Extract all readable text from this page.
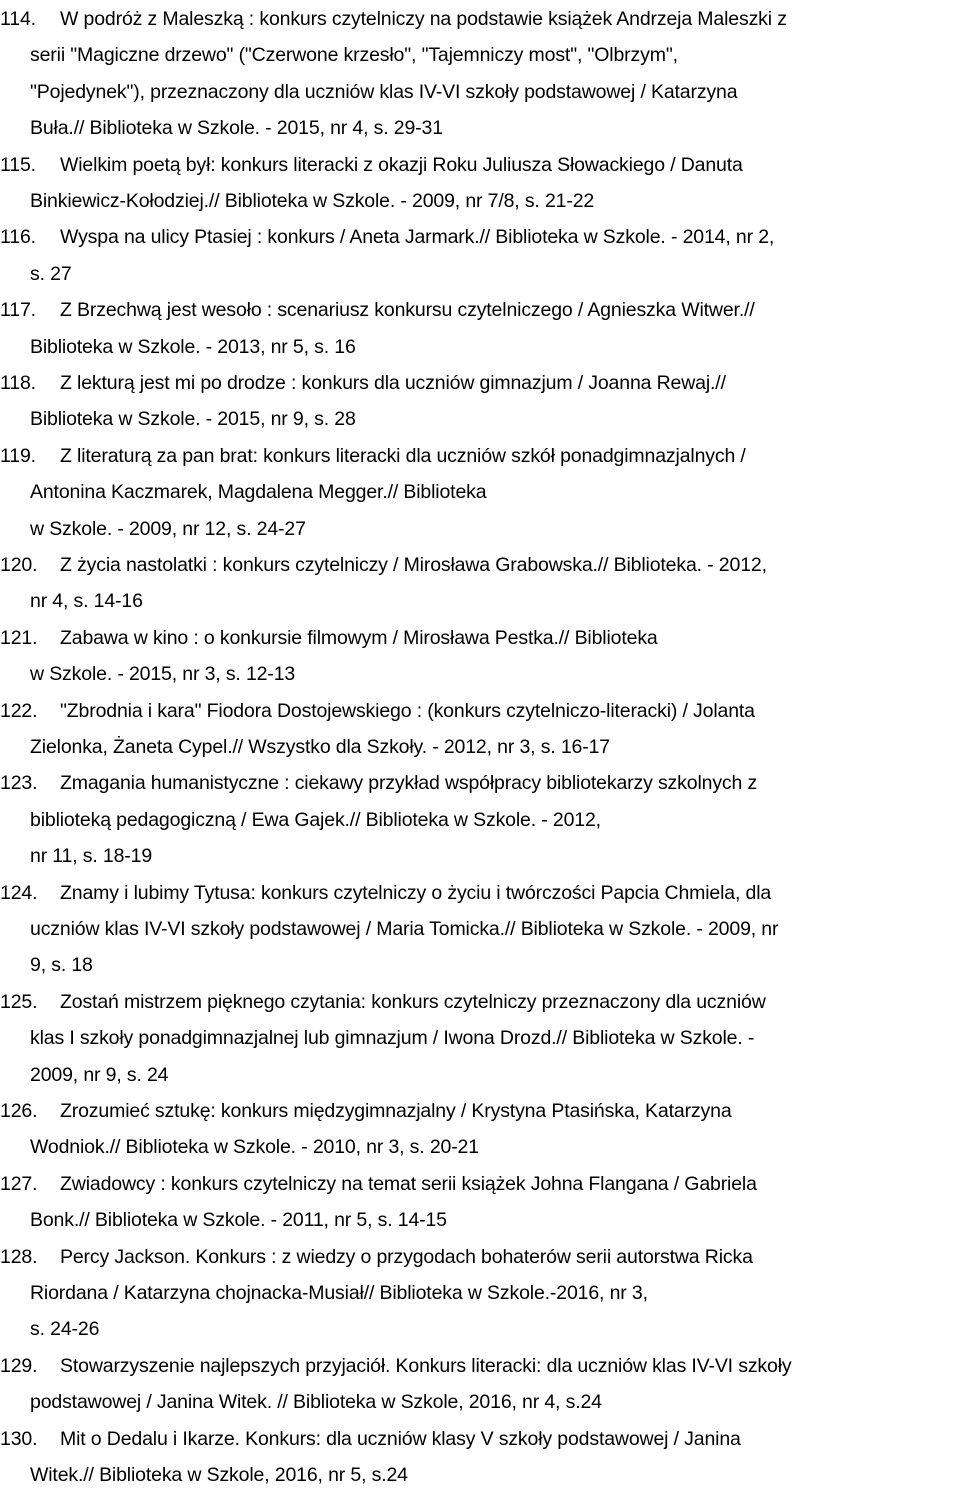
114. W podróż z Maleszką : konkurs czytelniczy na podstawie książek Andrzeja Maleszki z
serii "Magiczne drzewo" ("Czerwone krzesło", "Tajemniczy most", "Olbrzym",
"Pojedynek"), przeznaczony dla uczniów klas IV-VI szkoły podstawowej / Katarzyna
Buła.// Biblioteka w Szkole. - 2015, nr 4, s. 29-31
115. Wielkim poetą był: konkurs literacki z okazji Roku Juliusza Słowackiego / Danuta
Binkiewicz-Kołodziej.// Biblioteka w Szkole. - 2009, nr 7/8, s. 21-22
116. Wyspa na ulicy Ptasiej : konkurs / Aneta Jarmark.// Biblioteka w Szkole. - 2014, nr 2,
s. 27
117. Z Brzechwą jest wesoło : scenariusz konkursu czytelniczego / Agnieszka Witwer.//
Biblioteka w Szkole. - 2013, nr 5, s. 16
118. Z lekturą jest mi po drodze : konkurs dla uczniów gimnazjum / Joanna Rewaj.//
Biblioteka w Szkole. - 2015, nr 9, s. 28
119. Z literaturą za pan brat: konkurs literacki dla uczniów szkół ponadgimnazjalnych /
Antonina Kaczmarek, Magdalena Megger.// Biblioteka
w Szkole. - 2009, nr 12, s. 24-27
120. Z życia nastolatki : konkurs czytelniczy / Mirosława Grabowska.// Biblioteka. - 2012,
nr 4, s. 14-16
121. Zabawa w kino : o konkursie filmowym / Mirosława Pestka.// Biblioteka
w Szkole. - 2015, nr 3, s. 12-13
122. "Zbrodnia i kara" Fiodora Dostojewskiego : (konkurs czytelniczo-literacki) / Jolanta
Zielonka, Żaneta Cypel.// Wszystko dla Szkoły. - 2012, nr 3, s. 16-17
123. Zmagania humanistyczne : ciekawy przykład współpracy bibliotekarzy szkolnych z
biblioteką pedagogiczną / Ewa Gajek.// Biblioteka w Szkole. - 2012,
nr 11, s. 18-19
124. Znamy i lubimy Tytusa: konkurs czytelniczy o życiu i twórczości Papcia Chmiela, dla
uczniów klas IV-VI szkoły podstawowej / Maria Tomicka.// Biblioteka w Szkole. - 2009, nr
9, s. 18
125. Zostań mistrzem pięknego czytania: konkurs czytelniczy przeznaczony dla uczniów
klas I szkoły ponadgimnazjalnej lub gimnazjum / Iwona Drozd.// Biblioteka w Szkole. -
2009, nr 9, s. 24
126. Zrozumieć sztukę: konkurs międzygimnazjalny / Krystyna Ptasińska, Katarzyna
Wodniok.// Biblioteka w Szkole. - 2010, nr 3, s. 20-21
127. Zwiadowcy : konkurs czytelniczy na temat serii książek Johna Flangana / Gabriela
Bonk.// Biblioteka w Szkole. - 2011, nr 5, s. 14-15
128. Percy Jackson. Konkurs : z wiedzy o przygodach bohaterów serii autorstwa Ricka
Riordana / Katarzyna chojnacka-Musiał// Biblioteka w Szkole.-2016, nr 3,
s. 24-26
129. Stowarzyszenie najlepszych przyjaciół. Konkurs literacki: dla uczniów klas IV-VI szkoły
podstawowej / Janina Witek. // Biblioteka w Szkole, 2016, nr 4, s.24
130. Mit o Dedalu i Ikarze. Konkurs: dla uczniów klasy V szkoły podstawowej / Janina
Witek.// Biblioteka w Szkole, 2016, nr 5, s.24
